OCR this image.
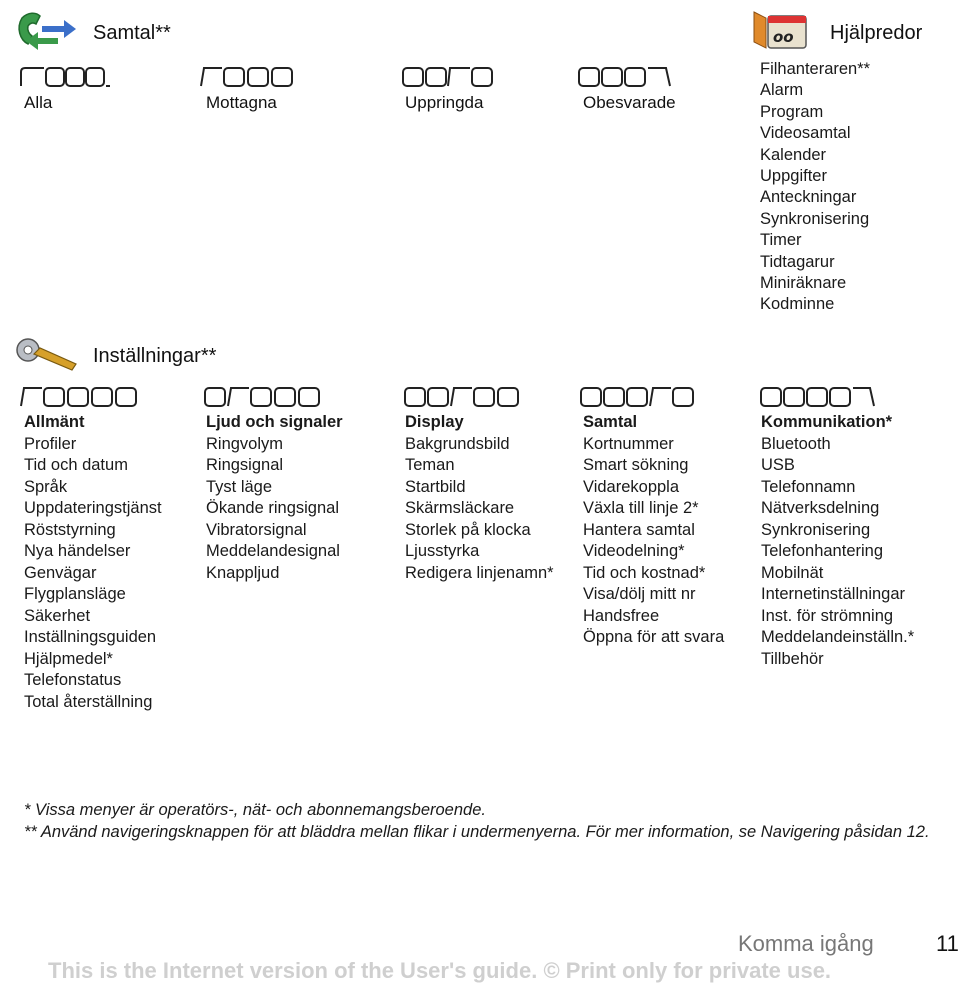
Samtal**
Alla	Mottagna	Uppringda	Obesvarade
oo Hjälpredor
Filhanteraren**
Alarm
Program
Videosamtal
Kalender
Uppgifter
Anteckningar
Synkronisering
Timer
Tidtagarur
Miniräknare
Kodminne
Inställningar**
Allmänt
Profiler
Tid och datum
Språk
Uppdateringstjänst
Röststyrning
Nya händelser
Genvägar
Flygplansläge
Säkerhet
Inställningsguiden
Hjälpmedel*
Telefonstatus
Total återställning
Ljud och signaler
Ringvolym
Ringsignal
Tyst läge
Ökande ringsignal
Vibratorsignal
Meddelandesignal
Knappljud
Display
Bakgrundsbild
Teman
Startbild
Skärmsläckare
Storlek på klocka
Ljusstyrka
Redigera linjenamn*
Samtal
Kortnummer
Smart sökning
Vidarekoppla
Växla till linje 2*
Hantera samtal
Videodelning*
Tid och kostnad*
Visa/dölj mitt nr
Handsfree
Öppna för att svara
Kommunikation*
Bluetooth
USB
Telefonnamn
Nätverksdelning
Synkronisering
Telefonhantering
Mobilnät
Internetinställningar
Inst. för strömning
Meddelandeinställn.*
Tillbehör
* Vissa menyer är operatörs-, nät- och abonnemangsberoende.
** Använd navigeringsknappen för att bläddra mellan flikar i undermenyerna. För mer information, se Navigering påsidan 12.
Komma igång	11
This is the Internet version of the User's guide. © Print only for private use.
